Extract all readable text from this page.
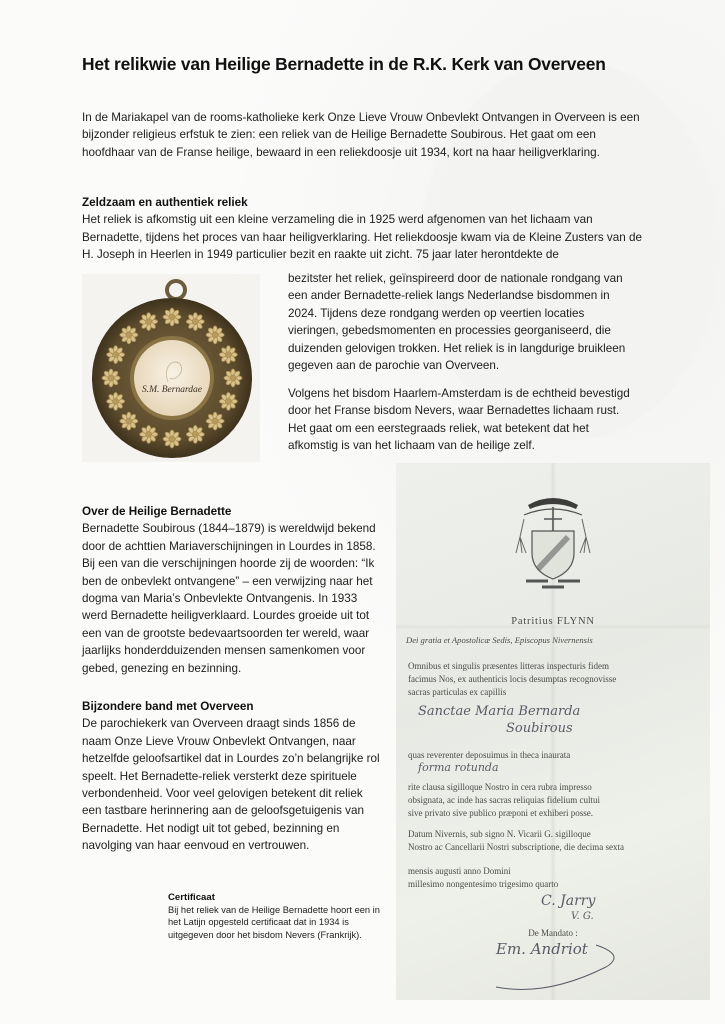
Het relikwie van Heilige Bernadette in de R.K. Kerk van Overveen

In de Mariakapel van de rooms-katholieke kerk Onze Lieve Vrouw Onbevlekt Ontvangen in Overveen is een bijzonder religieus erfstuk te zien: een reliek van de Heilige Bernadette Soubirous. Het gaat om een hoofdhaar van de Franse heilige, bewaard in een reliekdoosje uit 1934, kort na haar heiligverklaring.

Zeldzaam en authentiek reliek
Het reliek is afkomstig uit een kleine verzameling die in 1925 werd afgenomen van het lichaam van Bernadette, tijdens het proces van haar heiligverklaring. Het reliekdoosje kwam via de Kleine Zusters van de H. Joseph in Heerlen in 1949 particulier bezit en raakte uit zicht. 75 jaar later herontdekte de
bezitster het reliek, geïnspireerd door de nationale rondgang van een ander Bernadette-reliek langs Nederlandse bisdommen in 2024. Tijdens deze rondgang werden op veertien locaties vieringen, gebedsmomenten en processies georganiseerd, die duizenden gelovigen trokken. Het reliek is in langdurige bruikleen gegeven aan de parochie van Overveen.
Volgens het bisdom Haarlem-Amsterdam is de echtheid bevestigd door het Franse bisdom Nevers, waar Bernadettes lichaam rust. Het gaat om een eerstegraads reliek, wat betekent dat het afkomstig is van het lichaam van de heilige zelf.
S.M. Bernardae
Over de Heilige Bernadette
Bernadette Soubirous (1844–1879) is wereldwijd bekend door de achttien Mariaverschijningen in Lourdes in 1858. Bij een van die verschijningen hoorde zij de woorden: “Ik ben de onbevlekt ontvangene” – een verwijzing naar het dogma van Maria’s Onbevlekte Ontvangenis. In 1933 werd Bernadette heiligverklaard. Lourdes groeide uit tot een van de grootste bedevaartsoorden ter wereld, waar jaarlijks honderdduizenden mensen samenkomen voor gebed, genezing en bezinning.
Bijzondere band met Overveen
De parochiekerk van Overveen draagt sinds 1856 de naam Onze Lieve Vrouw Onbevlekt Ontvangen, naar hetzelfde geloofsartikel dat in Lourdes zo’n belangrijke rol speelt. Het Bernadette-reliek versterkt deze spirituele verbondenheid. Voor veel gelovigen betekent dit reliek een tastbare herinnering aan de geloofsgetuigenis van Bernadette. Het nodigt uit tot gebed, bezinning en navolging van haar eenvoud en vertrouwen.
Certificaat
Bij het reliek van de Heilige Bernadette hoort een in het Latijn opgesteld certificaat dat in 1934 is uitgegeven door het bisdom Nevers (Frankrijk).
Patritius FLYNN
Dei gratia et Apostolicæ Sedis, Episcopus Nivernensis
Omnibus et singulis præsentes litteras inspecturis fidem
facimus Nos, ex authenticis locis desumptas recognovisse
sacras particulas ex capillis
Sanctae Maria Bernarda
Soubirous
quas reverenter deposuimus in theca inaurata
forma rotunda
rite clausa sigilloque Nostro in cera rubra impresso
obsignata, ac inde has sacras reliquias fidelium cultui
sive privato sive publico præponi et exhiberi posse.
Datum Nivernis, sub signo N. Vicarii G. sigilloque
Nostro ac Cancellarii Nostri subscriptione, die decima sexta
mensis augusti anno Domini
millesimo nongentesimo trigesimo quarto
C. Jarry
V. G.
De Mandato :
Em. Andriot
